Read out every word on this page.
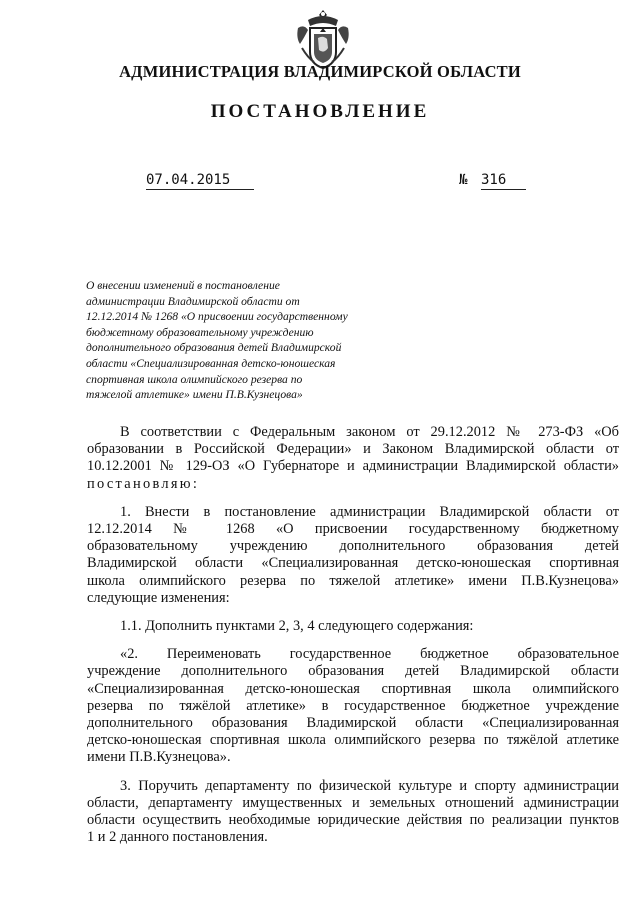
АДМИНИСТРАЦИЯ ВЛАДИМИРСКОЙ ОБЛАСТИ
ПОСТАНОВЛЕНИЕ
07.04.2015	№ 316
О внесении изменений в постановление
администрации Владимирской области от
12.12.2014 № 1268 «О присвоении государственному
бюджетному образовательному учреждению
дополнительного образования детей Владимирской
области «Специализированная детско-юношеская
спортивная школа олимпийского резерва по
тяжелой атлетике» имени П.В.Кузнецова»

В соответствии с Федеральным законом от 29.12.2012 № 273-ФЗ «Об
образовании в Российской Федерации» и Законом Владимирской области от
10.12.2001 № 129-ОЗ «О Губернаторе и администрации Владимирской области»
постановляю:

1. Внести в постановление администрации Владимирской области от
12.12.2014 № 1268 «О присвоении государственному бюджетному
образовательному учреждению дополнительного образования детей
Владимирской области «Специализированная детско-юношеская спортивная
школа олимпийского резерва по тяжелой атлетике» имени П.В.Кузнецова»
следующие изменения:

1.1. Дополнить пунктами 2, 3, 4 следующего содержания:

«2. Переименовать государственное бюджетное образовательное
учреждение дополнительного образования детей Владимирской области
«Специализированная детско-юношеская спортивная школа олимпийского
резерва по тяжёлой атлетике» в государственное бюджетное учреждение
дополнительного образования Владимирской области «Специализированная
детско-юношеская спортивная школа олимпийского резерва по тяжёлой атлетике
имени П.В.Кузнецова».

3. Поручить департаменту по физической культуре и спорту администрации
области, департаменту имущественных и земельных отношений администрации
области осуществить необходимые юридические действия по реализации пунктов
1 и 2 данного постановления.
